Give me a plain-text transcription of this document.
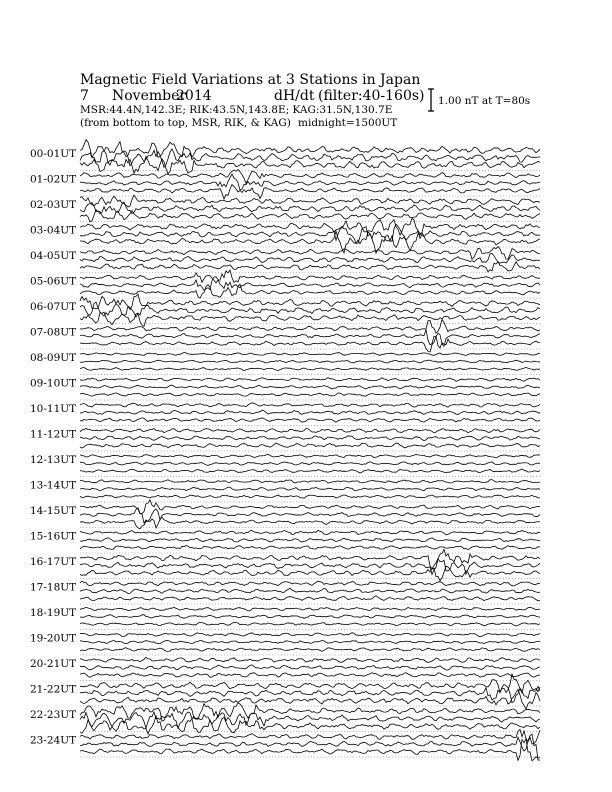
Magnetic Field Variations at 3 Stations in Japan
7 November
2014	dH/dt (filter:40-160s)
MSR:44.4N,142.3E; RIK:43.5N,143.8E; KAG:31.5N,130.7E
(from bottom to top, MSR, RIK, & KAG) midnight=1500UT
1.00 nT at T=80s
00-01UT
01-02UT
02-03UT
03-04UT
04-05UT
05-06UT
06-07UT
07-08UT
08-09UT
09-10UT
10-11UT
11-12UT
12-13UT
13-14UT
14-15UT
15-16UT
16-17UT
17-18UT
18-19UT
19-20UT
20-21UT
21-22UT
22-23UT
23-24UT
